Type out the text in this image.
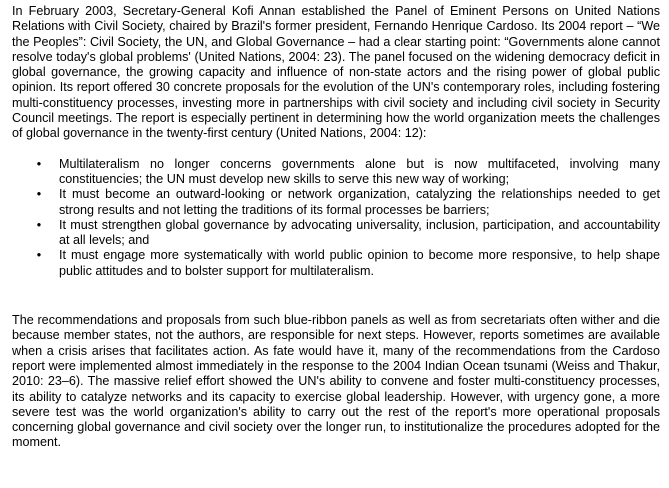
In February 2003, Secretary-General Kofi Annan established the Panel of Eminent Persons on United Nations Relations with Civil Society, chaired by Brazil's former president, Fernando Henrique Cardoso. Its 2004 report – “We the Peoples”: Civil Society, the UN, and Global Governance – had a clear starting point: “Governments alone cannot resolve today's global problems' (United Nations, 2004: 23). The panel focused on the widening democracy deficit in global governance, the growing capacity and influence of non-state actors and the rising power of global public opinion. Its report offered 30 concrete proposals for the evolution of the UN's contemporary roles, including fostering multi-constituency processes, investing more in partnerships with civil society and including civil society in Security Council meetings. The report is especially pertinent in determining how the world organization meets the challenges of global governance in the twenty-first century (United Nations, 2004: 12):

• Multilateralism no longer concerns governments alone but is now multifaceted, involving many constituencies; the UN must develop new skills to serve this new way of working;
• It must become an outward-looking or network organization, catalyzing the relationships needed to get strong results and not letting the traditions of its formal processes be barriers;
• It must strengthen global governance by advocating universality, inclusion, participation, and accountability at all levels; and
• It must engage more systematically with world public opinion to become more responsive, to help shape public attitudes and to bolster support for multilateralism.

The recommendations and proposals from such blue-ribbon panels as well as from secretariats often wither and die because member states, not the authors, are responsible for next steps. However, reports sometimes are available when a crisis arises that facilitates action. As fate would have it, many of the recommendations from the Cardoso report were implemented almost immediately in the response to the 2004 Indian Ocean tsunami (Weiss and Thakur, 2010: 23–6). The massive relief effort showed the UN's ability to convene and foster multi-constituency processes, its ability to catalyze networks and its capacity to exercise global leadership. However, with urgency gone, a more severe test was the world organization's ability to carry out the rest of the report's more operational proposals concerning global governance and civil society over the longer run, to institutionalize the procedures adopted for the moment.
